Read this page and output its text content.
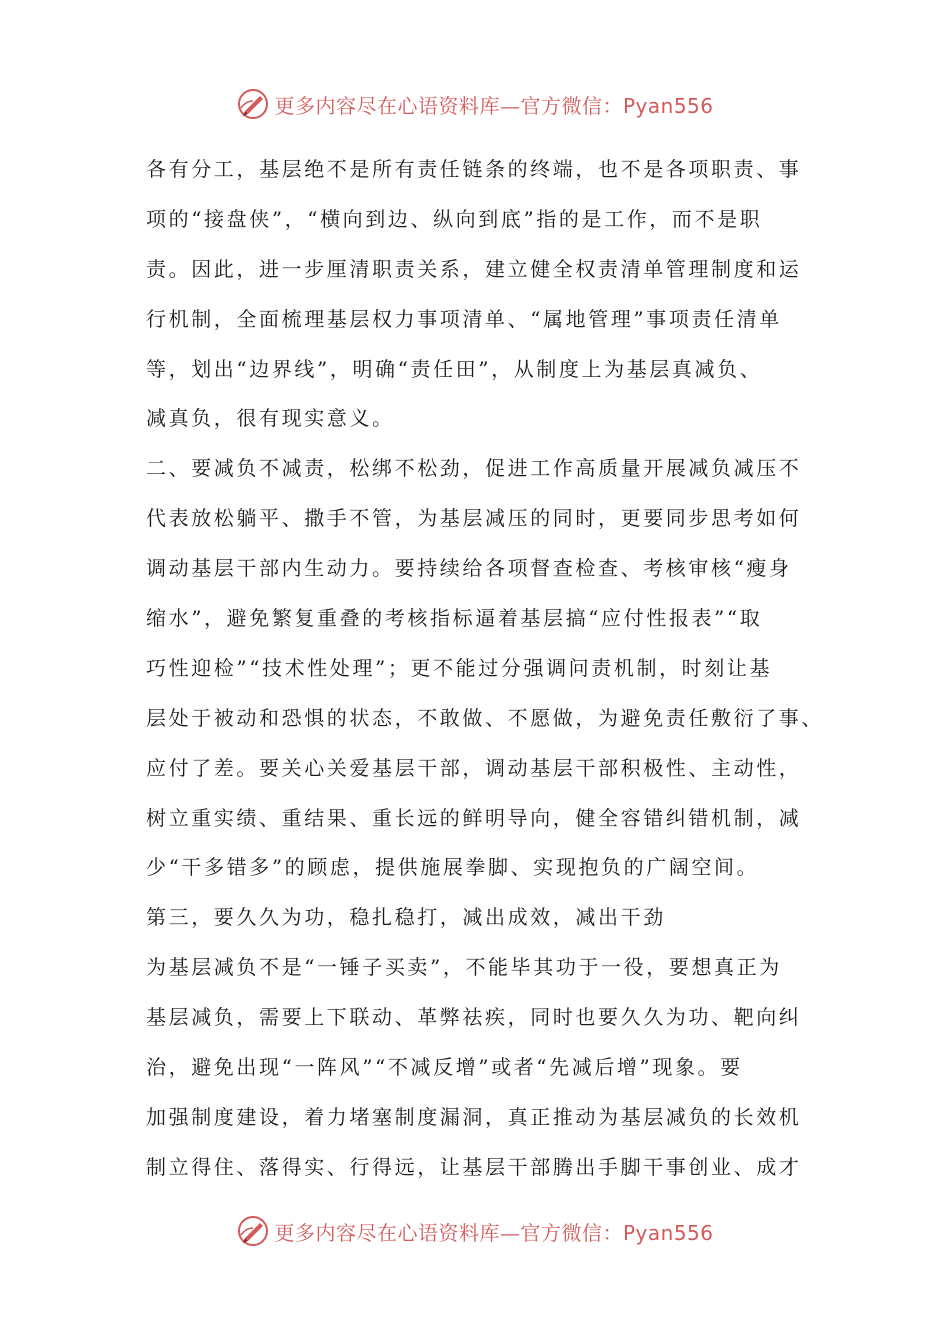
更多内容尽在心语资料库—官方微信：Pyan556
各有分工，基层绝不是所有责任链条的终端，也不是各项职责、事
项的“接盘侠”，“横向到边、纵向到底”指的是工作，而不是职
责。因此，进一步厘清职责关系，建立健全权责清单管理制度和运
行机制，全面梳理基层权力事项清单、“属地管理”事项责任清单
等，划出“边界线”，明确“责任田”，从制度上为基层真减负、
减真负，很有现实意义。
二、要减负不减责，松绑不松劲，促进工作高质量开展减负减压不
代表放松躺平、撒手不管，为基层减压的同时，更要同步思考如何
调动基层干部内生动力。要持续给各项督查检查、考核审核“瘦身
缩水”，避免繁复重叠的考核指标逼着基层搞“应付性报表”“取
巧性迎检”“技术性处理”；更不能过分强调问责机制，时刻让基
层处于被动和恐惧的状态，不敢做、不愿做，为避免责任敷衍了事、
应付了差。要关心关爱基层干部，调动基层干部积极性、主动性，
树立重实绩、重结果、重长远的鲜明导向，健全容错纠错机制，减
少“干多错多”的顾虑，提供施展拳脚、实现抱负的广阔空间。
第三，要久久为功，稳扎稳打，减出成效，减出干劲
为基层减负不是“一锤子买卖”，不能毕其功于一役，要想真正为
基层减负，需要上下联动、革弊祛疾，同时也要久久为功、靶向纠
治，避免出现“一阵风”“不减反增”或者“先减后增”现象。要
加强制度建设，着力堵塞制度漏洞，真正推动为基层减负的长效机
制立得住、落得实、行得远，让基层干部腾出手脚干事创业、成才
更多内容尽在心语资料库—官方微信：Pyan556
